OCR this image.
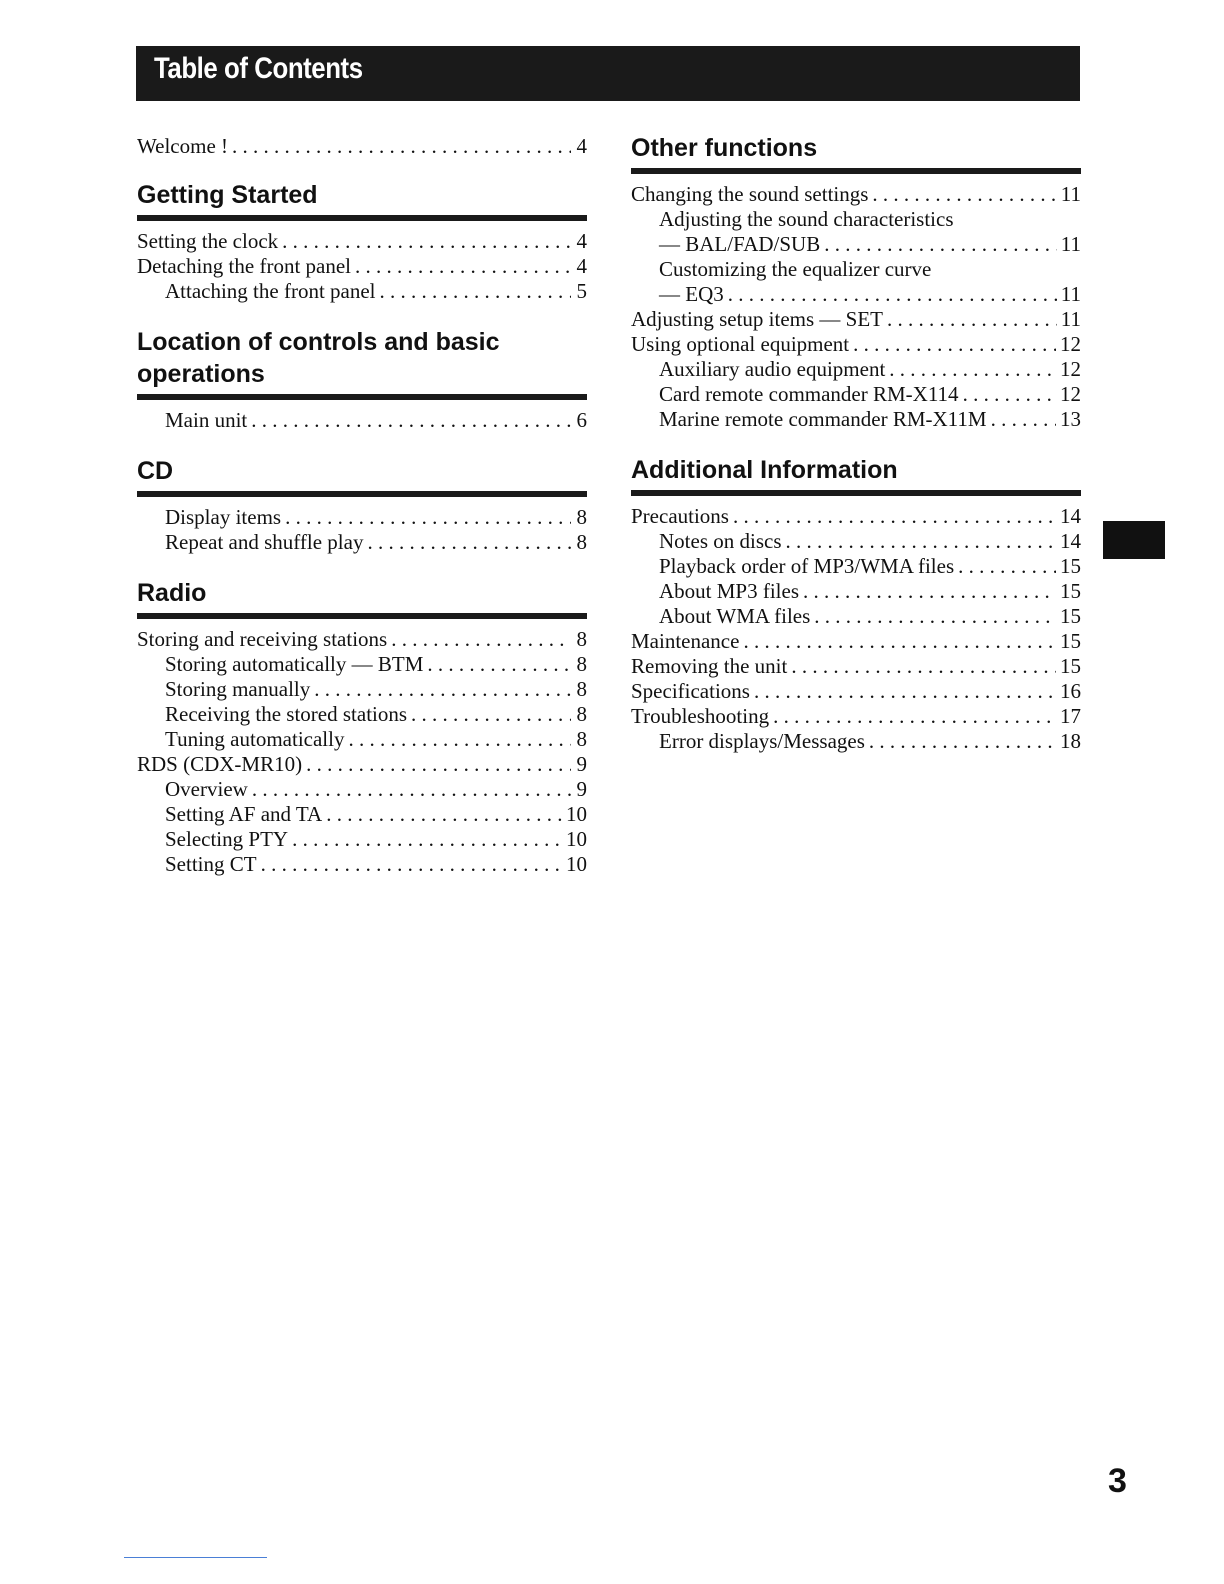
Table of Contents
Welcome ! . . .	4
Getting Started
Setting the clock . . .	4
Detaching the front panel . . .	4
Attaching the front panel . . .	5
Location of controls and basic operations
Main unit . . .	6
CD
Display items . . .	8
Repeat and shuffle play . . .	8
Radio
Storing and receiving stations . . .	8
Storing automatically — BTM . . .	8
Storing manually . . .	8
Receiving the stored stations . . .	8
Tuning automatically . . .	8
RDS (CDX-MR10) . . .	9
Overview . . .	9
Setting AF and TA . . .	10
Selecting PTY . . .	10
Setting CT . . .	10
Other functions
Changing the sound settings . . .	11
Adjusting the sound characteristics
— BAL/FAD/SUB . . .	11
Customizing the equalizer curve
— EQ3 . . .	11
Adjusting setup items — SET . . .	11
Using optional equipment . . .	12
Auxiliary audio equipment . . .	12
Card remote commander RM-X114 . . .	12
Marine remote commander RM-X11M . . .	13
Additional Information
Precautions . . .	14
Notes on discs . . .	14
Playback order of MP3/WMA files . . .	15
About MP3 files . . .	15
About WMA files . . .	15
Maintenance . . .	15
Removing the unit . . .	15
Specifications . . .	16
Troubleshooting . . .	17
Error displays/Messages . . .	18
3
